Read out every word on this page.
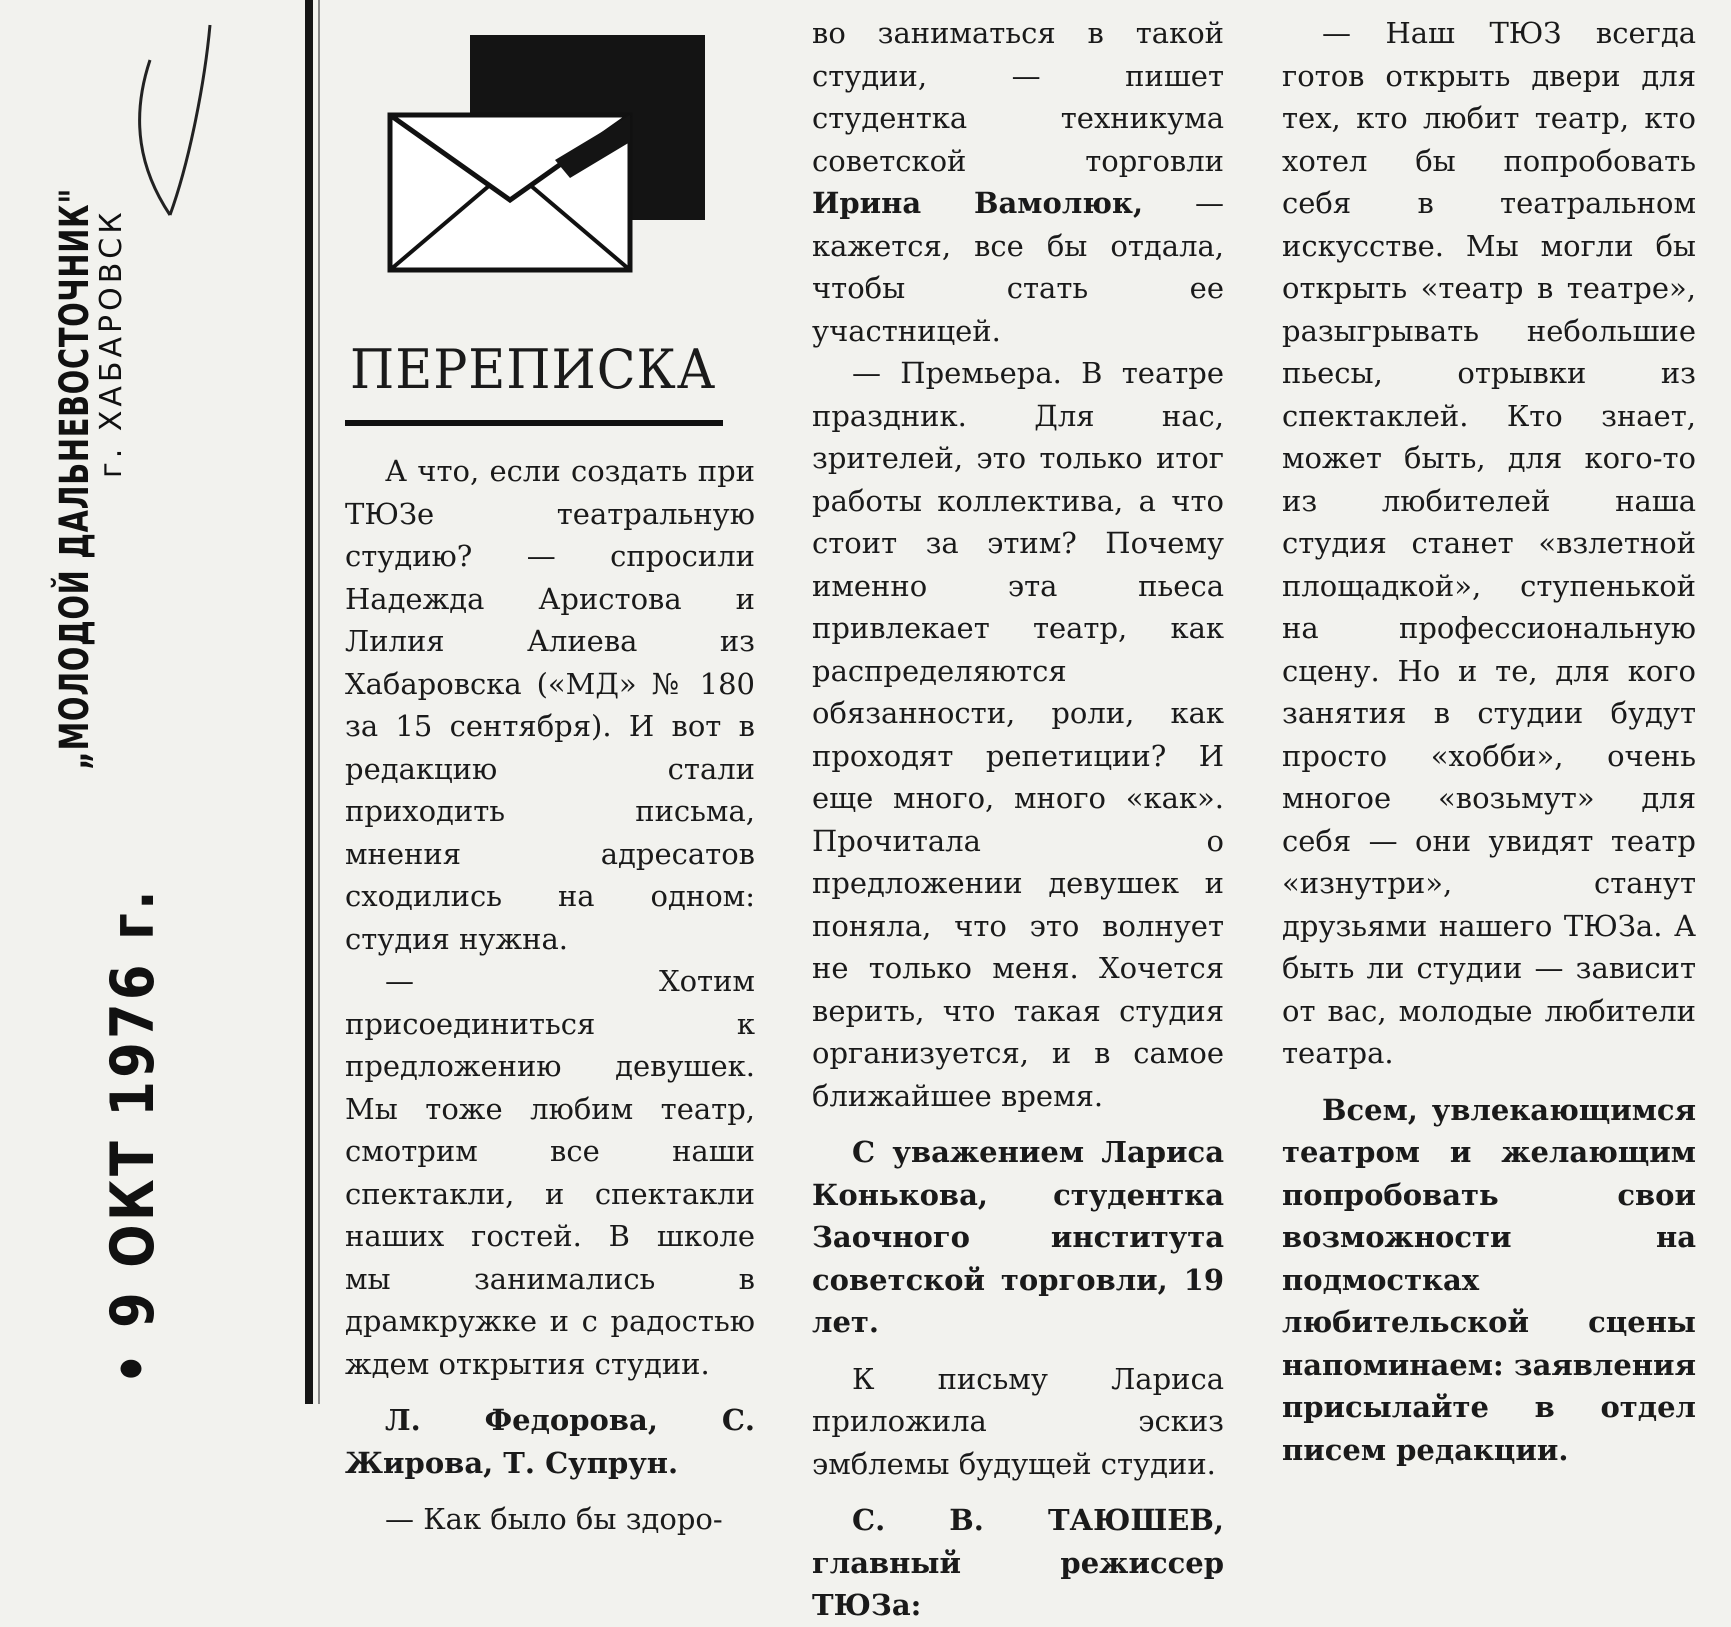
„МОЛОДОЙ ДАЛЬНЕВОСТОЧНИК"
г. ХАБАРОВСК
• 9 ОКТ 1976 г.
ПЕРЕПИСКА

А что, если создать при ТЮЗе театральную студию? — спросили Надежда Аристова и Лилия Алиева из Хабаровска («МД» № 180 за 15 сентября). И вот в редакцию стали приходить письма, мнения адресатов сходились на одном: студия нужна.

— Хотим присоединиться к предложению девушек. Мы тоже любим театр, смотрим все наши спектакли, и спектакли наших гостей. В школе мы занимались в драмкружке и с радостью ждем открытия студии.

Л. Федорова, С. Жирова, Т. Супрун.

— Как было бы здоро-

во заниматься в такой студии, — пишет студентка техникума советской торговли Ирина Вамолюк, — кажется, все бы отдала, чтобы стать ее участницей.

— Премьера. В театре праздник. Для нас, зрителей, это только итог работы коллектива, а что стоит за этим? Почему именно эта пьеса привлекает театр, как распределяются обязанности, роли, как проходят репетиции? И еще много, много «как». Прочитала о предложении девушек и поняла, что это волнует не только меня. Хочется верить, что такая студия организуется, и в самое ближайшее время.

С уважением Лариса Конькова, студентка Заочного института советской торговли, 19 лет.

К письму Лариса приложила эскиз эмблемы будущей студии.

С. В. ТАЮШЕВ, главный режиссер ТЮЗа:

— Наш ТЮЗ всегда готов открыть двери для тех, кто любит театр, кто хотел бы попробовать себя в театральном искусстве. Мы могли бы открыть «театр в театре», разыгрывать небольшие пьесы, отрывки из спектаклей. Кто знает, может быть, для кого-то из любителей наша студия станет «взлетной площадкой», ступенькой на профессиональную сцену. Но и те, для кого занятия в студии будут просто «хобби», очень многое «возьмут» для себя — они увидят театр «изнутри», станут друзьями нашего ТЮЗа. А быть ли студии — зависит от вас, молодые любители театра.

Всем, увлекающимся театром и желающим попробовать свои возможности на подмостках любительской сцены напоминаем: заявления присылайте в отдел писем редакции.
